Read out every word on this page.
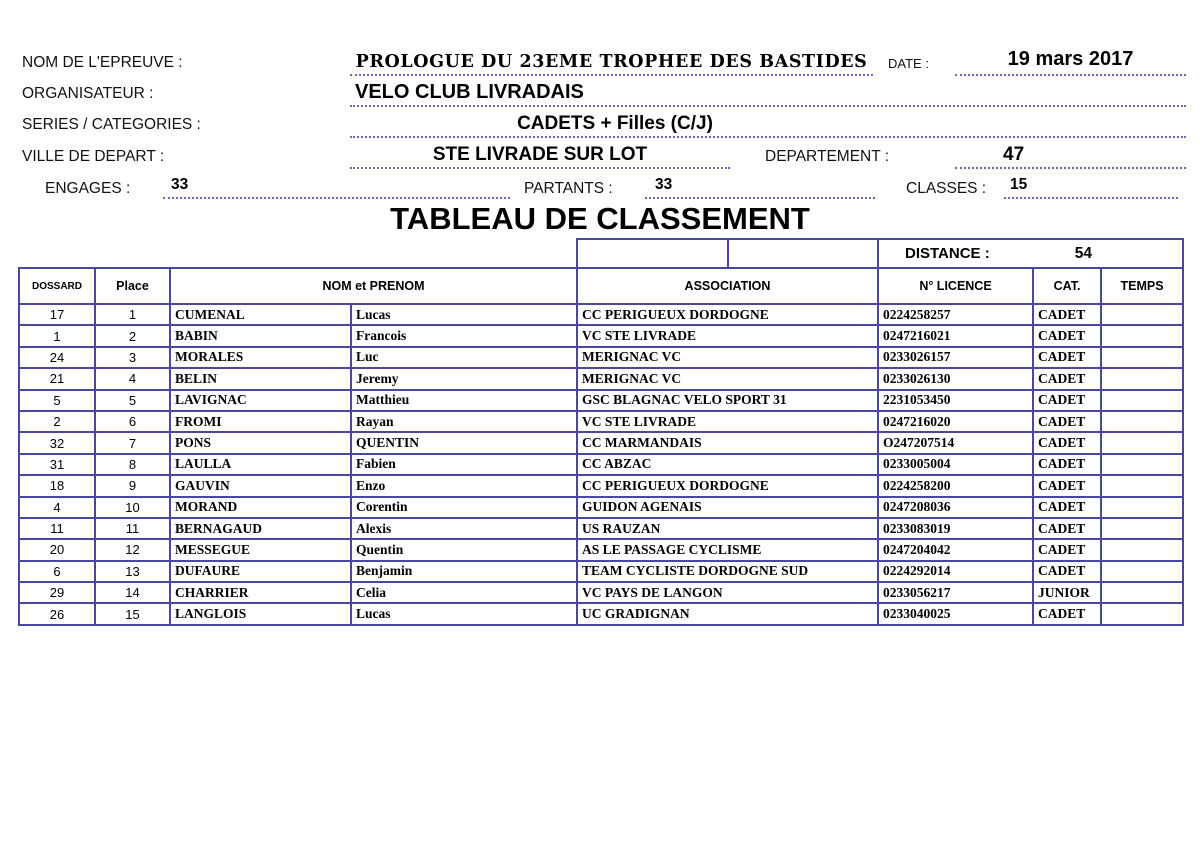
NOM DE L'EPREUVE :	PROLOGUE DU 23EME TROPHEE DES BASTIDES	DATE :	19 mars 2017
ORGANISATEUR :	VELO CLUB LIVRADAIS
SERIES / CATEGORIES :	CADETS + Filles (C/J)
VILLE DE DEPART :	STE LIVRADE SUR LOT	DEPARTEMENT :	47
ENGAGES :	33	PARTANTS :	33	CLASSES :	15
TABLEAU DE CLASSEMENT
DISTANCE :	54
DOSSARD	Place	NOM et PRENOM	ASSOCIATION	N° LICENCE	CAT.	TEMPS
17	1	CUMENAL	Lucas	CC PERIGUEUX DORDOGNE	0224258257	CADET
1	2	BABIN	Francois	VC STE LIVRADE	0247216021	CADET
24	3	MORALES	Luc	MERIGNAC VC	0233026157	CADET
21	4	BELIN	Jeremy	MERIGNAC VC	0233026130	CADET
5	5	LAVIGNAC	Matthieu	GSC BLAGNAC VELO SPORT 31	2231053450	CADET
2	6	FROMI	Rayan	VC STE LIVRADE	0247216020	CADET
32	7	PONS	QUENTIN	CC MARMANDAIS	O247207514	CADET
31	8	LAULLA	Fabien	CC ABZAC	0233005004	CADET
18	9	GAUVIN	Enzo	CC PERIGUEUX DORDOGNE	0224258200	CADET
4	10	MORAND	Corentin	GUIDON AGENAIS	0247208036	CADET
11	11	BERNAGAUD	Alexis	US RAUZAN	0233083019	CADET
20	12	MESSEGUE	Quentin	AS LE PASSAGE CYCLISME	0247204042	CADET
6	13	DUFAURE	Benjamin	TEAM CYCLISTE DORDOGNE SUD	0224292014	CADET
29	14	CHARRIER	Celia	VC PAYS DE LANGON	0233056217	JUNIOR
26	15	LANGLOIS	Lucas	UC GRADIGNAN	0233040025	CADET
